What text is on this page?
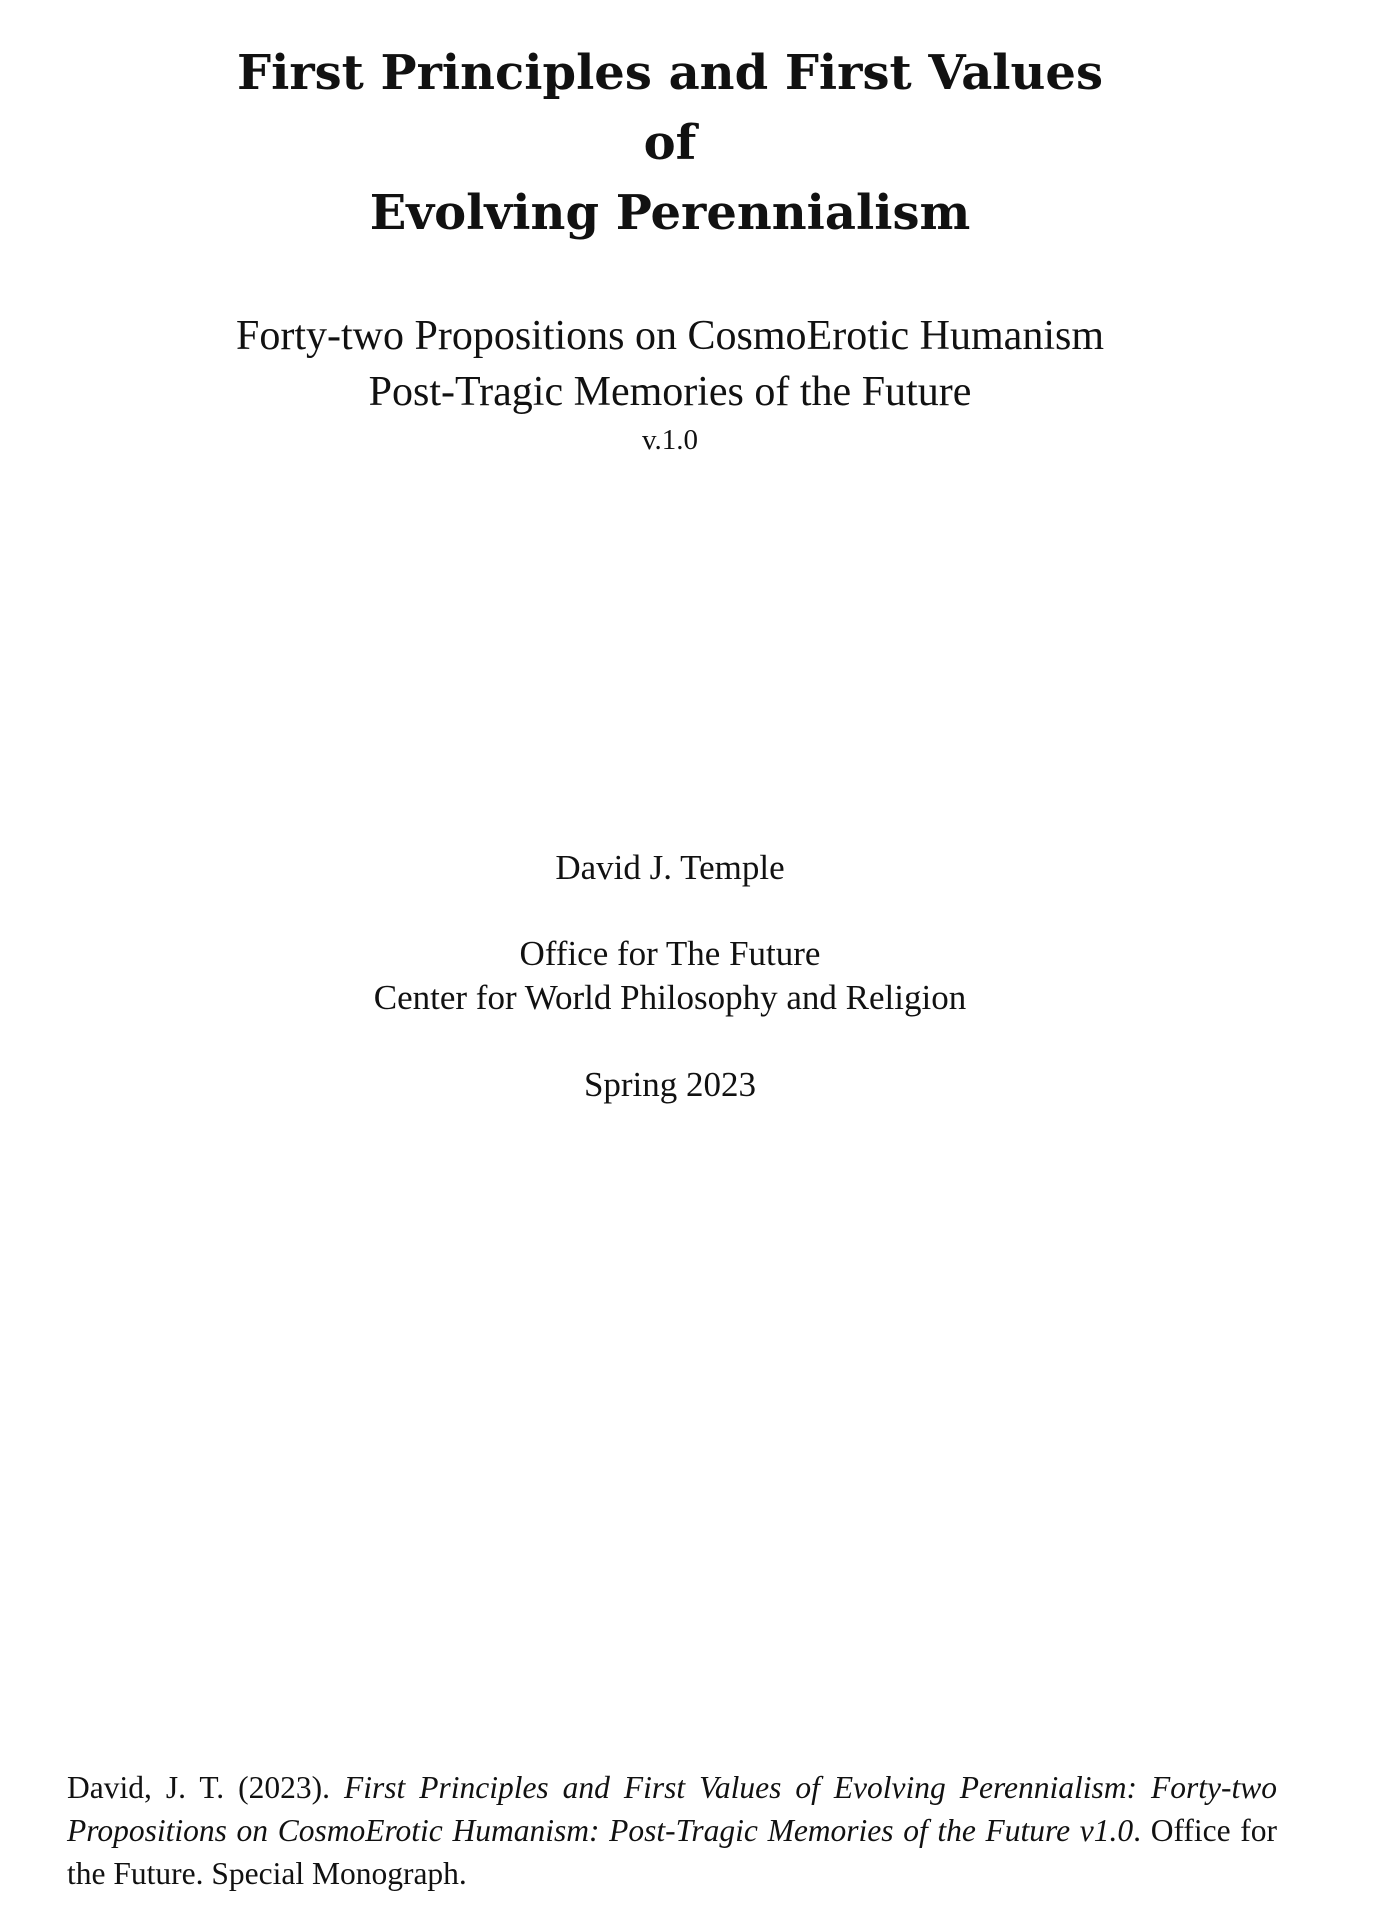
First Principles and First Values
of
Evolving Perennialism
Forty-two Propositions on CosmoErotic Humanism
Post-Tragic Memories of the Future
v.1.0
David J. Temple
Office for The Future
Center for World Philosophy and Religion
Spring 2023
David, J. T. (2023). First Principles and First Values of Evolving Perennialism: Forty-two Propositions on CosmoErotic Humanism: Post-Tragic Memories of the Future v1.0. Office for the Future. Special Monograph.
